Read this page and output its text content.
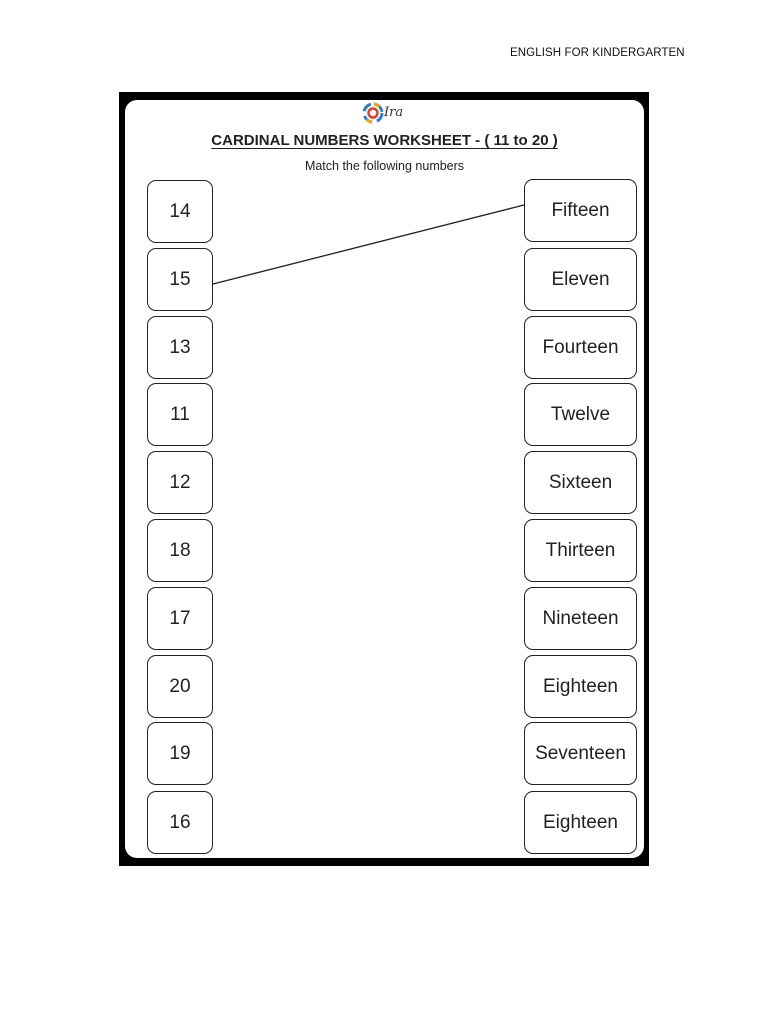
ENGLISH FOR KINDERGARTEN
Ira
CARDINAL NUMBERS WORKSHEET - ( 11 to 20 )
Match the following numbers
14
15
13
11
12
18
17
20
19
16
Fifteen
Eleven
Fourteen
Twelve
Sixteen
Thirteen
Nineteen
Eighteen
Seventeen
Eighteen
